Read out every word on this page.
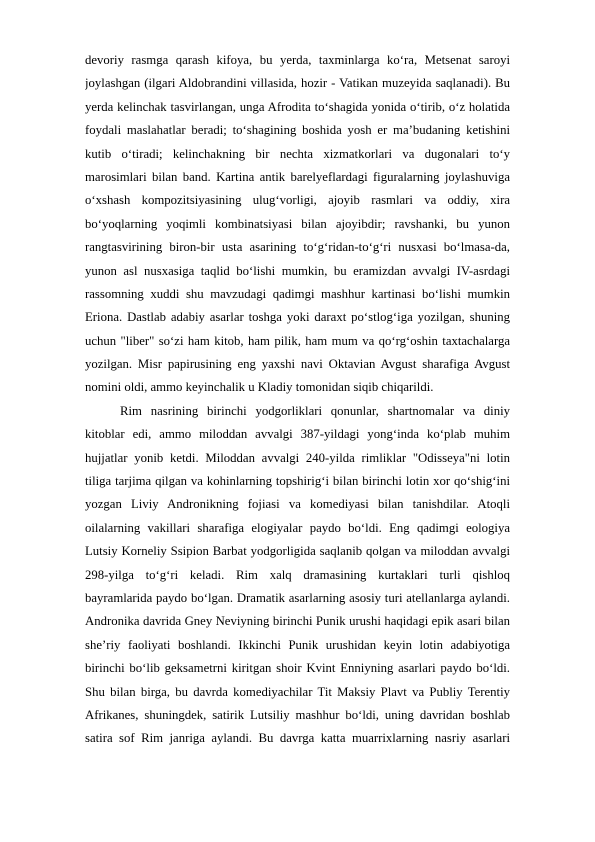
devoriy rasmga qarash kifoya, bu yerda, taxminlarga ko‘ra, Metsenat saroyi
joylashgan (ilgari Aldobrandini villasida, hozir - Vatikan muzeyida saqlanadi). Bu
yerda kelinchak tasvirlangan, unga Afrodita to‘shagida yonida o‘tirib, o‘z holatida
foydali maslahatlar beradi; to‘shagining boshida yosh er ma’budaning ketishini
kutib o‘tiradi; kelinchakning bir nechta xizmatkorlari va dugonalari to‘y
marosimlari bilan band. Kartina antik barelyeflardagi figuralarning joylashuviga
o‘xshash kompozitsiyasining ulug‘vorligi, ajoyib rasmlari va oddiy, xira
bo‘yoqlarning yoqimli kombinatsiyasi bilan ajoyibdir; ravshanki, bu yunon
rangtasvirining biron-bir usta asarining to‘g‘ridan-to‘g‘ri nusxasi bo‘lmasa-da,
yunon asl nusxasiga taqlid bo‘lishi mumkin, bu eramizdan avvalgi IV-asrdagi
rassomning xuddi shu mavzudagi qadimgi mashhur kartinasi bo‘lishi mumkin
Eriona. Dastlab adabiy asarlar toshga yoki daraxt po‘stlog‘iga yozilgan, shuning
uchun "liber" so‘zi ham kitob, ham pilik, ham mum va qo‘rg‘oshin taxtachalarga
yozilgan. Misr papirusining eng yaxshi navi Oktavian Avgust sharafiga Avgust
nomini oldi, ammo keyinchalik u Kladiy tomonidan siqib chiqarildi.
Rim nasrining birinchi yodgorliklari qonunlar, shartnomalar va diniy
kitoblar edi, ammo miloddan avvalgi 387-yildagi yong‘inda ko‘plab muhim
hujjatlar yonib ketdi. Miloddan avvalgi 240-yilda rimliklar "Odisseya"ni lotin
tiliga tarjima qilgan va kohinlarning topshirig‘i bilan birinchi lotin xor qo‘shig‘ini
yozgan Liviy Andronikning fojiasi va komediyasi bilan tanishdilar. Atoqli
oilalarning vakillari sharafiga elogiyalar paydo bo‘ldi. Eng qadimgi eologiya
Lutsiy Korneliy Ssipion Barbat yodgorligida saqlanib qolgan va miloddan avvalgi
298-yilga to‘g‘ri keladi. Rim xalq dramasining kurtaklari turli qishloq
bayramlarida paydo bo‘lgan. Dramatik asarlarning asosiy turi atellanlarga aylandi.
Andronika davrida Gney Neviyning birinchi Punik urushi haqidagi epik asari bilan
she’riy faoliyati boshlandi. Ikkinchi Punik urushidan keyin lotin adabiyotiga
birinchi bo‘lib geksametrni kiritgan shoir Kvint Enniyning asarlari paydo bo‘ldi.
Shu bilan birga, bu davrda komediyachilar Tit Maksiy Plavt va Publiy Terentiy
Afrikanes, shuningdek, satirik Lutsiliy mashhur bo‘ldi, uning davridan boshlab
satira sof Rim janriga aylandi. Bu davrga katta muarrixlarning nasriy asarlari
